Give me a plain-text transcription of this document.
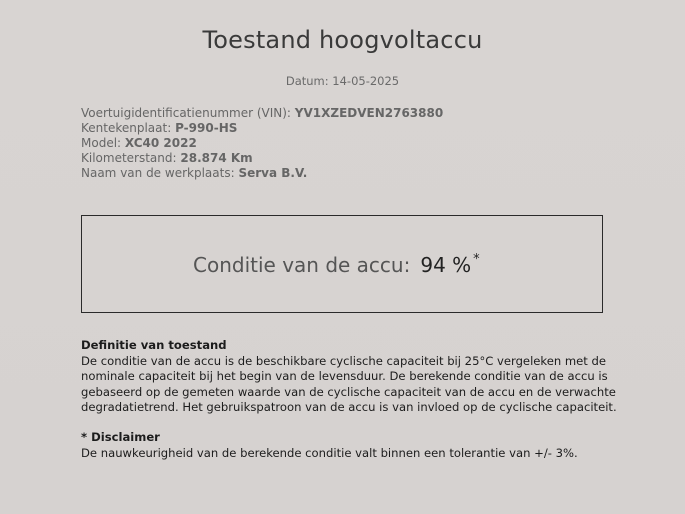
Toestand hoogvoltaccu
Datum: 14-05-2025
Voertuigidentificatienummer (VIN): YV1XZEDVEN2763880
Kentekenplaat: P-990-HS
Model: XC40 2022
Kilometerstand: 28.874 Km
Naam van de werkplaats: Serva B.V.
Conditie van de accu: 94 % *
Definitie van toestand
De conditie van de accu is de beschikbare cyclische capaciteit bij 25°C vergeleken met de nominale capaciteit bij het begin van de levensduur. De berekende conditie van de accu is gebaseerd op de gemeten waarde van de cyclische capaciteit van de accu en de verwachte degradatietrend. Het gebruikspatroon van de accu is van invloed op de cyclische capaciteit.
* Disclaimer
De nauwkeurigheid van de berekende conditie valt binnen een tolerantie van +/- 3%.
